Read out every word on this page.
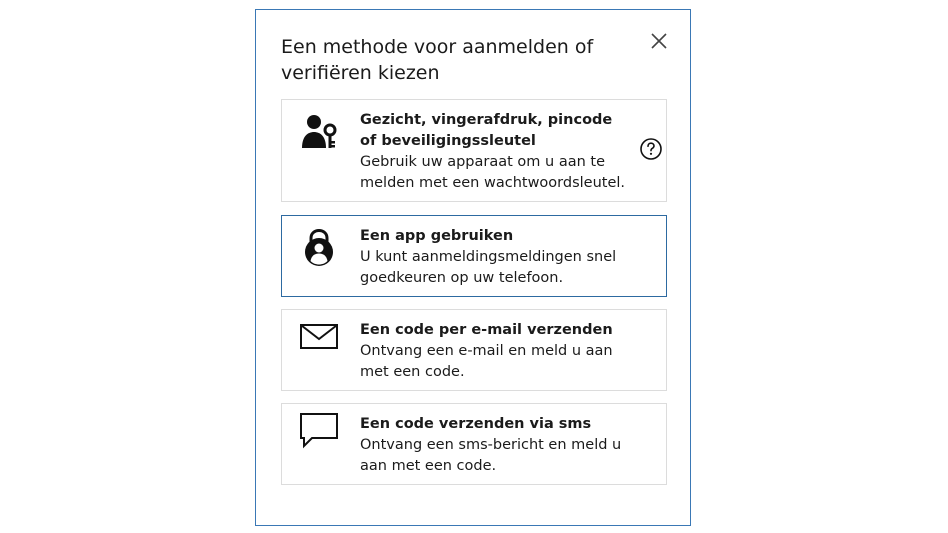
Een methode voor aanmelden of verifiëren kiezen
Gezicht, vingerafdruk, pincode of beveiligingssleutel
Gebruik uw apparaat om u aan te melden met een wachtwoordsleutel.
Een app gebruiken
U kunt aanmeldingsmeldingen snel goedkeuren op uw telefoon.
Een code per e-mail verzenden
Ontvang een e-mail en meld u aan met een code.
Een code verzenden via sms
Ontvang een sms-bericht en meld u aan met een code.
